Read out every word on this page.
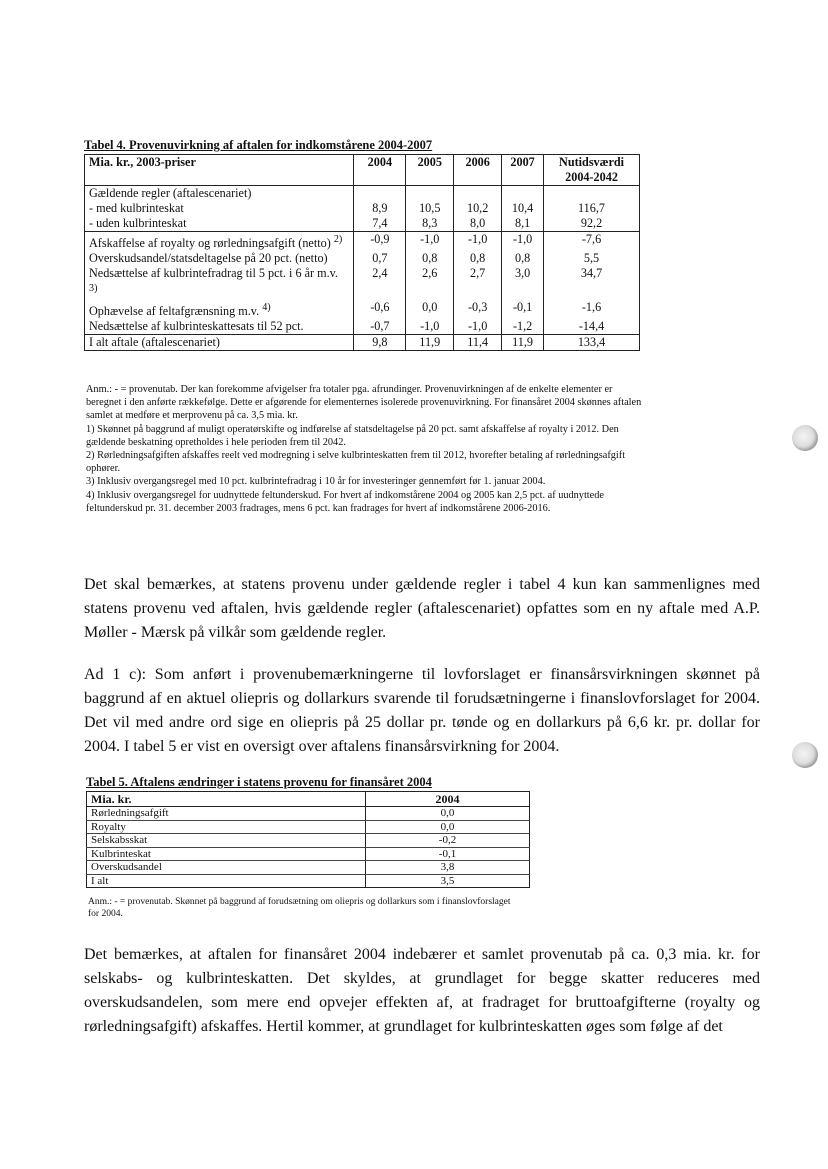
Tabel 4. Provenuvirkning af aftalen for indkomstårene 2004-2007
Mia. kr., 2003-priser	2004	2005	2006	2007	Nutidsværdi 2004-2042
Gældende regler (aftalescenariet)					
- med kulbrinteskat	8,9	10,5	10,2	10,4	116,7
- uden kulbrinteskat	7,4	8,3	8,0	8,1	92,2
Afskaffelse af royalty og rørledningsafgift (netto) $^{2)}$	-0,9	-1,0	-1,0	-1,0	-7,6
Overskudsandel/statsdeltagelse på 20 pct. (netto)	0,7	0,8	0,8	0,8	5,5
Nedsættelse af kulbrintefradrag til 5 pct. i 6 år m.v. $^{3)}$	2,4	2,6	2,7	3,0	34,7
Ophævelse af feltafgrænsning m.v. $^{4)}$	-0,6	0,0	-0,3	-0,1	-1,6
Nedsættelse af kulbrinteskattesats til 52 pct.	-0,7	-1,0	-1,0	-1,2	-14,4
I alt aftale (aftalescenariet)	9,8	11,9	11,4	11,9	133,4

Anm.: - = provenutab. Der kan forekomme afvigelser fra totaler pga. afrundinger. Provenuvirkningen af de enkelte elementer er beregnet i den anførte rækkefølge. Dette er afgørende for elementernes isolerede provenuvirkning. For finansåret 2004 skønnes aftalen samlet at medføre et merprovenu på ca. 3,5 mia. kr.

1) Skønnet på baggrund af muligt operatørskifte og indførelse af statsdeltagelse på 20 pct. samt afskaffelse af royalty i 2012. Den gældende beskatning opretholdes i hele perioden frem til 2042.

2) Rørledningsafgiften afskaffes reelt ved modregning i selve kulbrinteskatten frem til 2012, hvorefter betaling af rørledningsafgift ophører.

3) Inklusiv overgangsregel med 10 pct. kulbrintefradrag i 10 år for investeringer gennemført før 1. januar 2004.

4) Inklusiv overgangsregel for uudnyttede feltunderskud. For hvert af indkomstårene 2004 og 2005 kan 2,5 pct. af uudnyttede feltunderskud pr. 31. december 2003 fradrages, mens 6 pct. kan fradrages for hvert af indkomstårene 2006-2016.

Det skal bemærkes, at statens provenu under gældende regler i tabel 4 kun kan sammenlignes med statens provenu ved aftalen, hvis gældende regler (aftalescenariet) opfattes som en ny aftale med A.P. Møller - Mærsk på vilkår som gældende regler.

Ad 1 c): Som anført i provenubemærkningerne til lovforslaget er finansårsvirkningen skønnet på baggrund af en aktuel oliepris og dollarkurs svarende til forudsætningerne i finanslovforslaget for 2004. Det vil med andre ord sige en oliepris på 25 dollar pr. tønde og en dollarkurs på 6,6 kr. pr. dollar for 2004. I tabel 5 er vist en oversigt over aftalens finansårsvirkning for 2004.

Tabel 5. Aftalens ændringer i statens provenu for finansåret 2004
Mia. kr.	2004
Rørledningsafgift	0,0
Royalty	0,0
Selskabsskat	-0,2
Kulbrinteskat	-0,1
Overskudsandel	3,8
I alt	3,5
Anm.: - = provenutab. Skønnet på baggrund af forudsætning om oliepris og dollarkurs som i finanslovforslaget for 2004.

Det bemærkes, at aftalen for finansåret 2004 indebærer et samlet provenutab på ca. 0,3 mia. kr. for selskabs- og kulbrinteskatten. Det skyldes, at grundlaget for begge skatter reduceres med overskudsandelen, som mere end opvejer effekten af, at fradraget for bruttoafgifterne (royalty og rørledningsafgift) afskaffes. Hertil kommer, at grundlaget for kulbrinteskatten øges som følge af det
